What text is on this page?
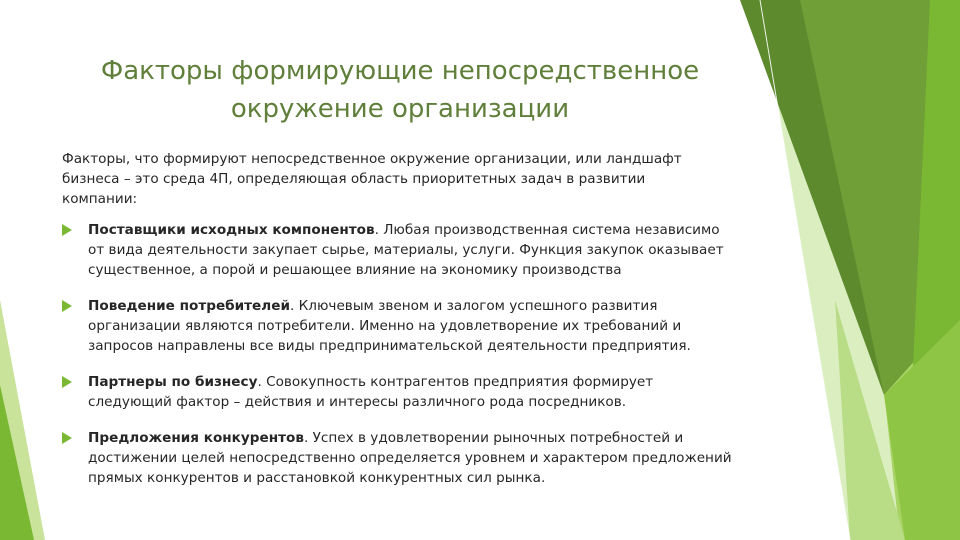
Факторы формирующие непосредственное
окружение организации

Факторы, что формируют непосредственное окружение организации, или ландшафт бизнеса – это среда 4П, определяющая область приоритетных задач в развитии компании:

Поставщики исходных компонентов. Любая производственная система независимо от вида деятельности закупает сырье, материалы, услуги. Функция закупок оказывает существенное, а порой и решающее влияние на экономику производства
Поведение потребителей. Ключевым звеном и залогом успешного развития организации являются потребители. Именно на удовлетворение их требований и запросов направлены все виды предпринимательской деятельности предприятия.
Партнеры по бизнесу. Совокупность контрагентов предприятия формирует следующий фактор – действия и интересы различного рода посредников.
Предложения конкурентов. Успех в удовлетворении рыночных потребностей и достижении целей непосредственно определяется уровнем и характером предложений прямых конкурентов и расстановкой конкурентных сил рынка.
